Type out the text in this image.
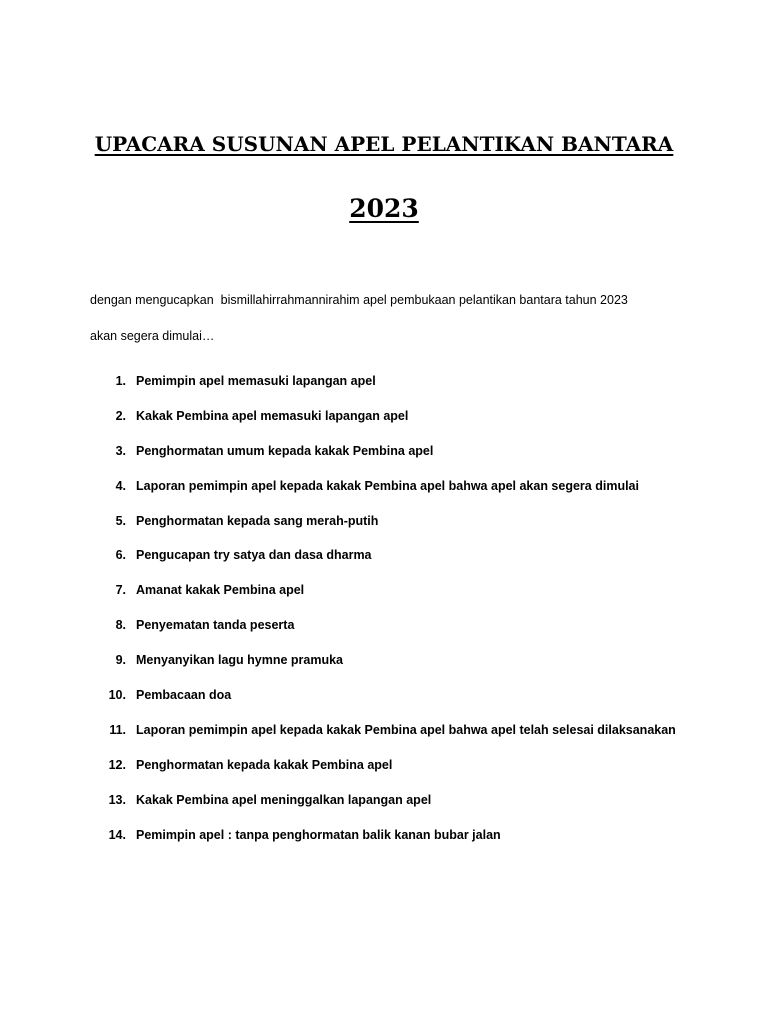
UPACARA SUSUNAN APEL PELANTIKAN BANTARA
2023

dengan mengucapkan  bismillahirrahmannirahim apel pembukaan pelantikan bantara tahun 2023

akan segera dimulai…

1. Pemimpin apel memasuki lapangan apel
2. Kakak Pembina apel memasuki lapangan apel
3. Penghormatan umum kepada kakak Pembina apel
4. Laporan pemimpin apel kepada kakak Pembina apel bahwa apel akan segera dimulai
5. Penghormatan kepada sang merah-putih
6. Pengucapan try satya dan dasa dharma
7. Amanat kakak Pembina apel
8. Penyematan tanda peserta
9. Menyanyikan lagu hymne pramuka
10. Pembacaan doa
11. Laporan pemimpin apel kepada kakak Pembina apel bahwa apel telah selesai dilaksanakan
12. Penghormatan kepada kakak Pembina apel
13. Kakak Pembina apel meninggalkan lapangan apel
14. Pemimpin apel : tanpa penghormatan balik kanan bubar jalan
